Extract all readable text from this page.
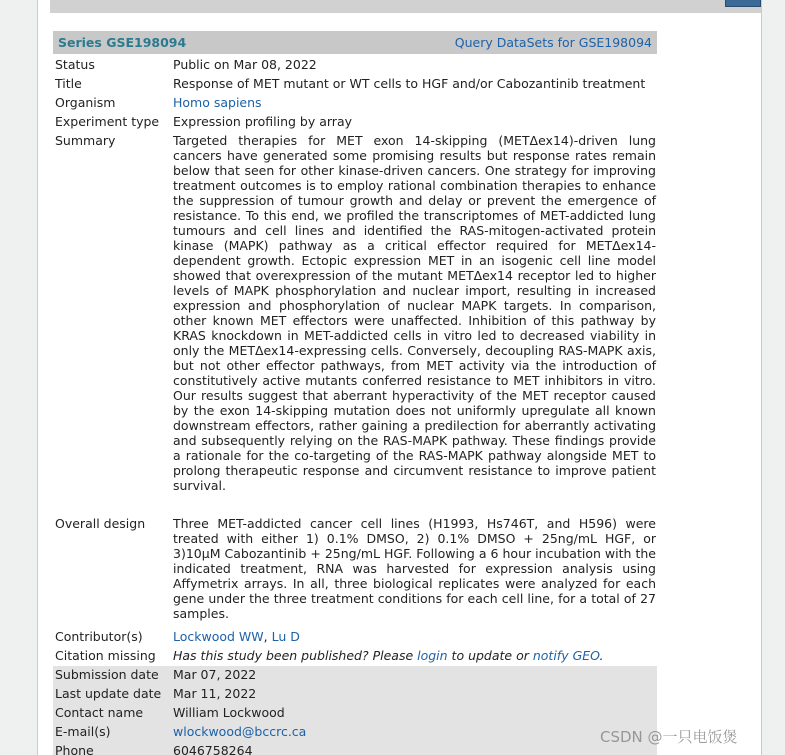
Series GSE198094	Query DataSets for GSE198094
Status	Public on Mar 08, 2022
Title	Response of MET mutant or WT cells to HGF and/or Cabozantinib treatment
Organism	Homo sapiens
Experiment type	Expression profiling by array
Summary	Targeted therapies for MET exon 14-skipping (METΔex14)-driven lung cancers have generated some promising results but response rates remain below that seen for other kinase-driven cancers. One strategy for improving treatment outcomes is to employ rational combination therapies to enhance the suppression of tumour growth and delay or prevent the emergence of resistance. To this end, we profiled the transcriptomes of MET-addicted lung tumours and cell lines and identified the RAS-mitogen-activated protein kinase (MAPK) pathway as a critical effector required for METΔex14-dependent growth. Ectopic expression MET in an isogenic cell line model showed that overexpression of the mutant METΔex14 receptor led to higher levels of MAPK phosphorylation and nuclear import, resulting in increased expression and phosphorylation of nuclear MAPK targets. In comparison, other known MET effectors were unaffected. Inhibition of this pathway by KRAS knockdown in MET-addicted cells in vitro led to decreased viability in only the METΔex14-expressing cells. Conversely, decoupling RAS-MAPK axis, but not other effector pathways, from MET activity via the introduction of constitutively active mutants conferred resistance to MET inhibitors in vitro. Our results suggest that aberrant hyperactivity of the MET receptor caused by the exon 14-skipping mutation does not uniformly upregulate all known downstream effectors, rather gaining a predilection for aberrantly activating and subsequently relying on the RAS-MAPK pathway. These findings provide a rationale for the co-targeting of the RAS-MAPK pathway alongside MET to prolong therapeutic response and circumvent resistance to improve patient survival.
Overall design	Three MET-addicted cancer cell lines (H1993, Hs746T, and H596) were treated with either 1) 0.1% DMSO, 2) 0.1% DMSO + 25ng/mL HGF, or 3)10µM Cabozantinib + 25ng/mL HGF. Following a 6 hour incubation with the indicated treatment, RNA was harvested for expression analysis using Affymetrix arrays. In all, three biological replicates were analyzed for each gene under the three treatment conditions for each cell line, for a total of 27 samples.
Contributor(s)	Lockwood WW, Lu D
Citation missing	Has this study been published? Please login to update or notify GEO.
Submission date	Mar 07, 2022
Last update date Mar 11, 2022
Contact name	William Lockwood
E-mail(s)	wlockwood@bccrc.ca
Phone	6046758264
CSDN @一只电饭煲
